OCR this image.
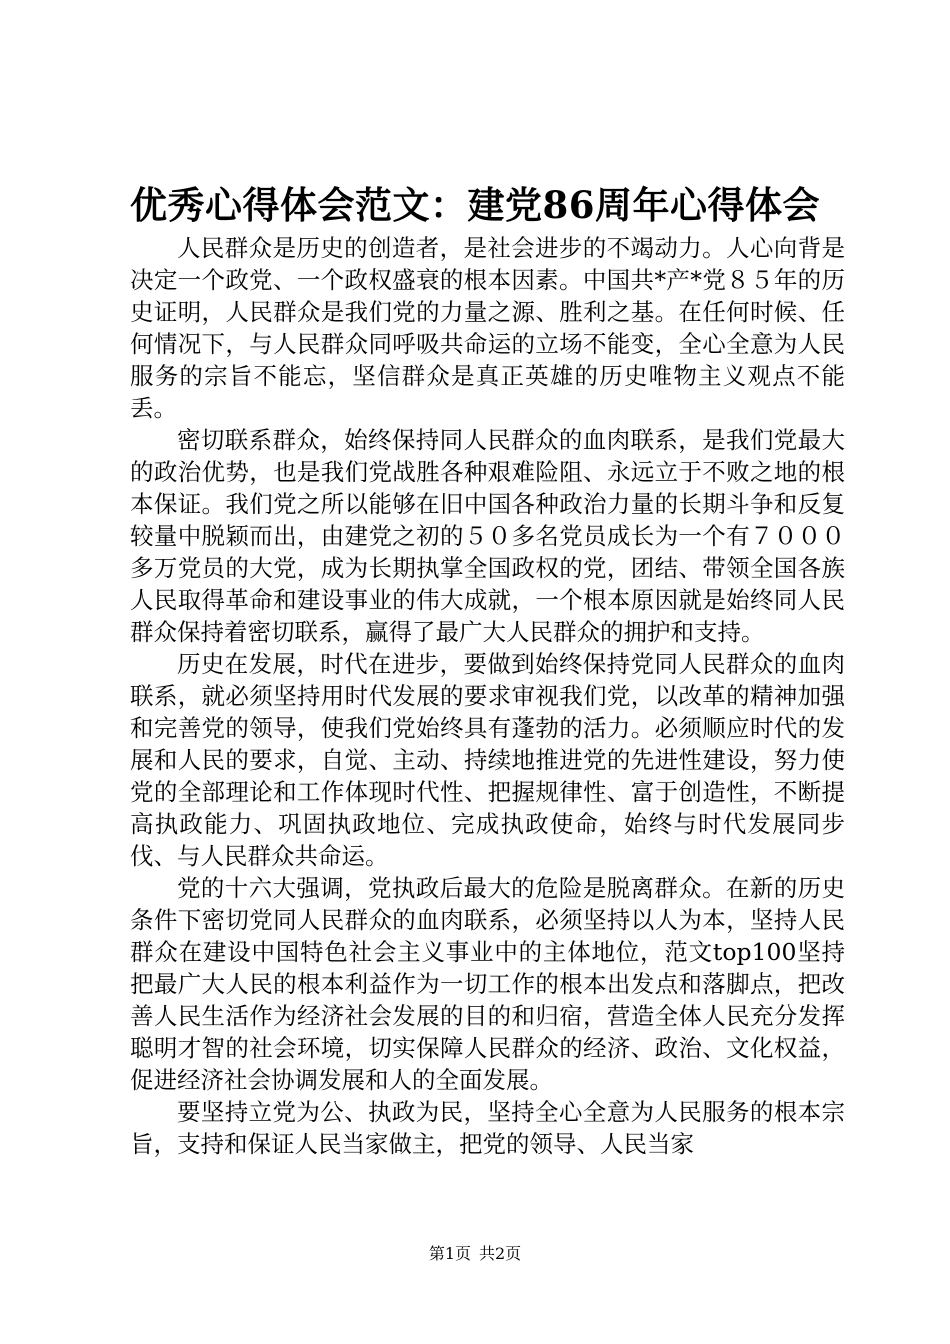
优秀心得体会范文：建党86周年心得体会

人民群众是历史的创造者，是社会进步的不竭动力。人心向背是决定一个政党、一个政权盛衰的根本因素。中国共*产*党８５年的历史证明，人民群众是我们党的力量之源、胜利之基。在任何时候、任何情况下，与人民群众同呼吸共命运的立场不能变，全心全意为人民服务的宗旨不能忘，坚信群众是真正英雄的历史唯物主义观点不能丢。

密切联系群众，始终保持同人民群众的血肉联系，是我们党最大的政治优势，也是我们党战胜各种艰难险阻、永远立于不败之地的根本保证。我们党之所以能够在旧中国各种政治力量的长期斗争和反复较量中脱颖而出，由建党之初的５０多名党员成长为一个有７０００多万党员的大党，成为长期执掌全国政权的党，团结、带领全国各族人民取得革命和建设事业的伟大成就，一个根本原因就是始终同人民群众保持着密切联系，赢得了最广大人民群众的拥护和支持。

历史在发展，时代在进步，要做到始终保持党同人民群众的血肉联系，就必须坚持用时代发展的要求审视我们党，以改革的精神加强和完善党的领导，使我们党始终具有蓬勃的活力。必须顺应时代的发展和人民的要求，自觉、主动、持续地推进党的先进性建设，努力使党的全部理论和工作体现时代性、把握规律性、富于创造性，不断提高执政能力、巩固执政地位、完成执政使命，始终与时代发展同步伐、与人民群众共命运。

党的十六大强调，党执政后最大的危险是脱离群众。在新的历史条件下密切党同人民群众的血肉联系，必须坚持以人为本，坚持人民群众在建设中国特色社会主义事业中的主体地位，范文top100坚持把最广大人民的根本利益作为一切工作的根本出发点和落脚点，把改善人民生活作为经济社会发展的目的和归宿，营造全体人民充分发挥聪明才智的社会环境，切实保障人民群众的经济、政治、文化权益，促进经济社会协调发展和人的全面发展。

要坚持立党为公、执政为民，坚持全心全意为人民服务的根本宗旨，支持和保证人民当家做主，把党的领导、人民当家

第1页 共2页
